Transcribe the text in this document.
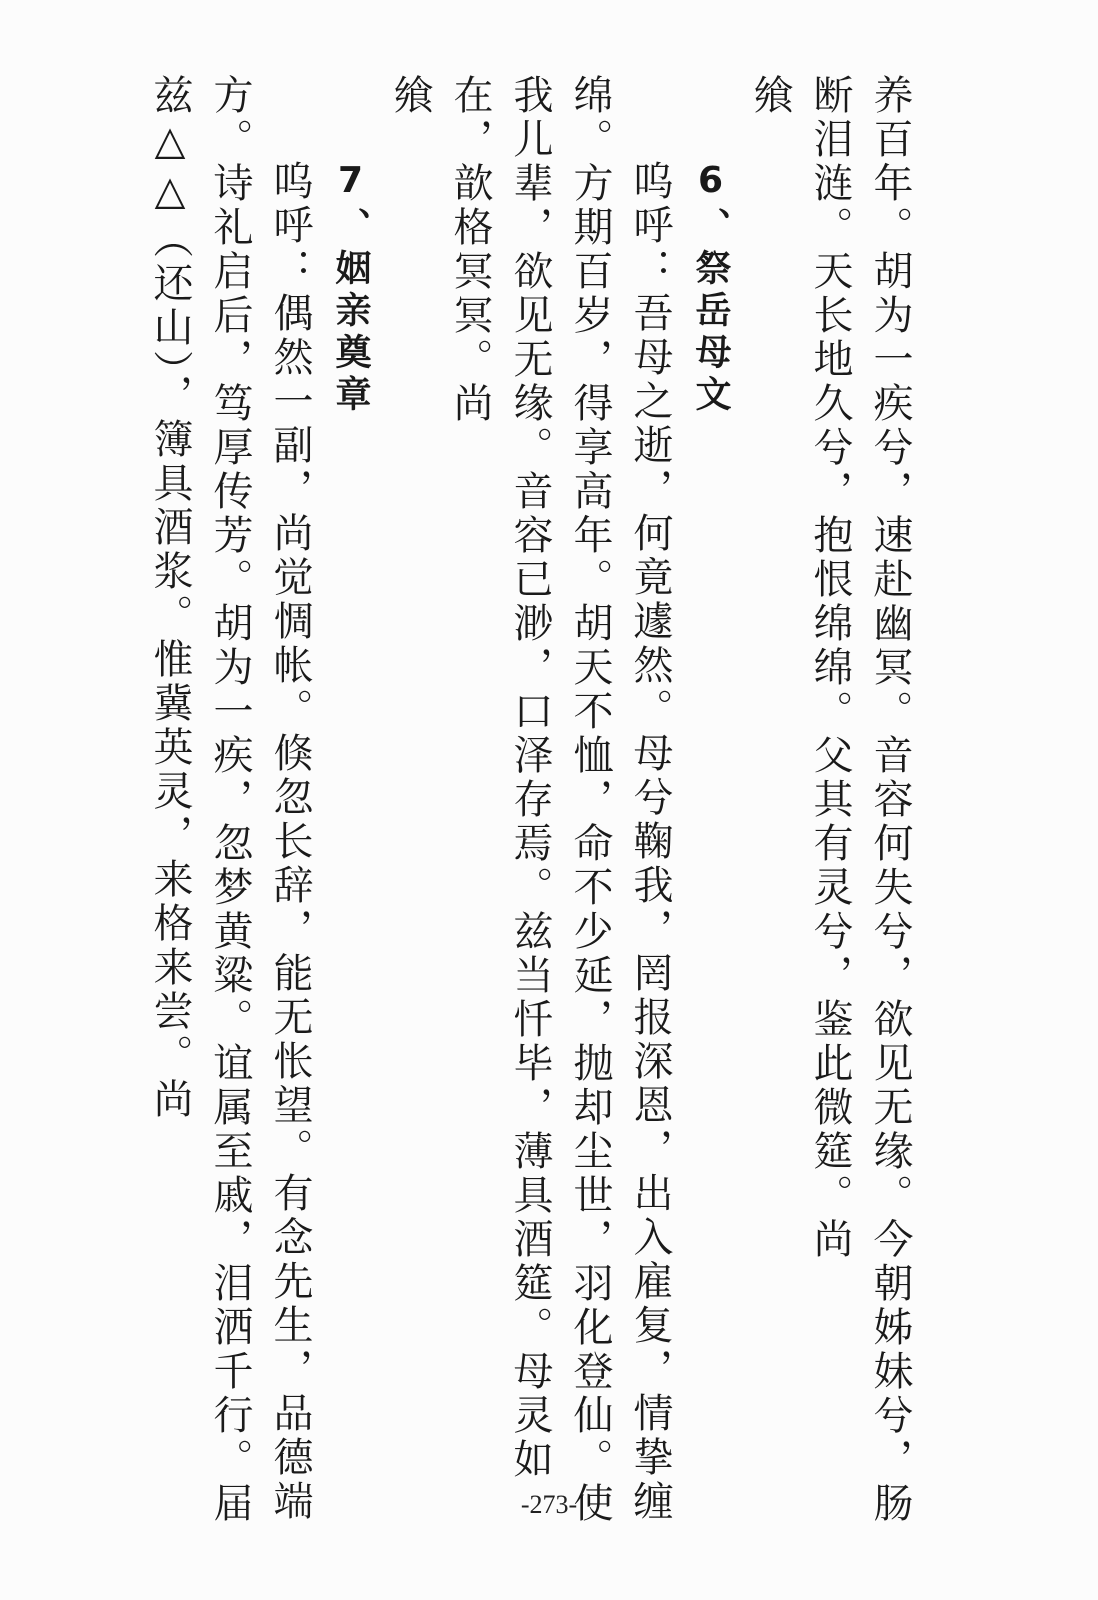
养百年。胡为一疾兮，速赴幽冥。音容何失兮，欲见无缘。今朝姊妹兮，肠
断泪涟。天长地久兮，抱恨绵绵。父其有灵兮，鉴此微筵。尚
飨
6、祭岳母文
呜呼：吾母之逝，何竟遽然。母兮鞠我，罔报深恩，出入雇复，情挚缠
绵。方期百岁，得享高年。胡天不恤，命不少延，抛却尘世，羽化登仙。使
我儿辈，欲见无缘。音容已渺，口泽存焉。兹当忏毕，薄具酒筵。母灵如
在，歆格冥冥。尚
飨
7、姻亲奠章
呜呼：偶然一副，尚觉惆帐。倏忽长辞，能无怅望。有念先生，品德端
方。诗礼启后，笃厚传芳。胡为一疾，忽梦黄粱。谊属至戚，泪洒千行。届
兹△△（还山），簿具酒浆。惟冀英灵，来格来尝。尚
-273-
